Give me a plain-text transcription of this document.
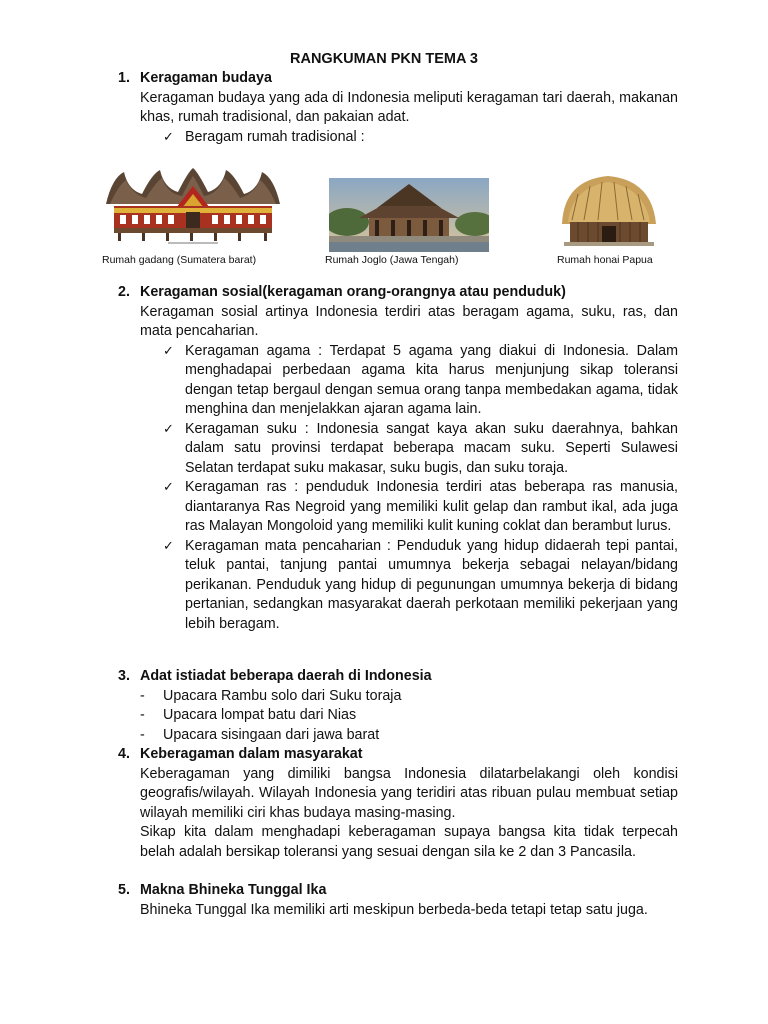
RANGKUMAN PKN TEMA 3
1. Keragaman budaya
Keragaman budaya yang ada di Indonesia meliputi keragaman tari daerah, makanan khas, rumah tradisional, dan pakaian adat.
✓ Beragam rumah tradisional :
Rumah gadang (Sumatera barat)	Rumah Joglo (Jawa Tengah)	Rumah honai Papua
2. Keragaman sosial(keragaman orang-orangnya atau penduduk)
Keragaman sosial artinya Indonesia terdiri atas beragam agama, suku, ras, dan mata pencaharian.
✓ Keragaman agama : Terdapat 5 agama yang diakui di Indonesia. Dalam menghadapai perbedaan agama kita harus menjunjung sikap toleransi dengan tetap bergaul dengan semua orang tanpa membedakan agama, tidak menghina dan menjelakkan ajaran agama lain.
✓ Keragaman suku : Indonesia sangat kaya akan suku daerahnya, bahkan dalam satu provinsi terdapat beberapa macam suku. Seperti Sulawesi Selatan terdapat suku makasar, suku bugis, dan suku toraja.
✓ Keragaman ras : penduduk Indonesia terdiri atas beberapa ras manusia, diantaranya Ras Negroid yang memiliki kulit gelap dan rambut ikal, ada juga ras Malayan Mongoloid yang memiliki kulit kuning coklat dan berambut lurus.
✓ Keragaman mata pencaharian : Penduduk yang hidup didaerah tepi pantai, teluk pantai, tanjung pantai umumnya bekerja sebagai nelayan/bidang perikanan. Penduduk yang hidup di pegunungan umumnya bekerja di bidang pertanian, sedangkan masyarakat daerah perkotaan memiliki pekerjaan yang lebih beragam.
3. Adat istiadat beberapa daerah di Indonesia
- Upacara Rambu solo dari Suku toraja
- Upacara lompat batu dari Nias
- Upacara sisingaan dari jawa barat
4. Keberagaman dalam masyarakat
Keberagaman yang dimiliki bangsa Indonesia dilatarbelakangi oleh kondisi geografis/wilayah. Wilayah Indonesia yang teridiri atas ribuan pulau membuat setiap wilayah memiliki ciri khas budaya masing-masing.
Sikap kita dalam menghadapi keberagaman supaya bangsa kita tidak terpecah belah adalah bersikap toleransi yang sesuai dengan sila ke 2 dan 3 Pancasila.
5. Makna Bhineka Tunggal Ika
Bhineka Tunggal Ika memiliki arti meskipun berbeda-beda tetapi tetap satu juga.
